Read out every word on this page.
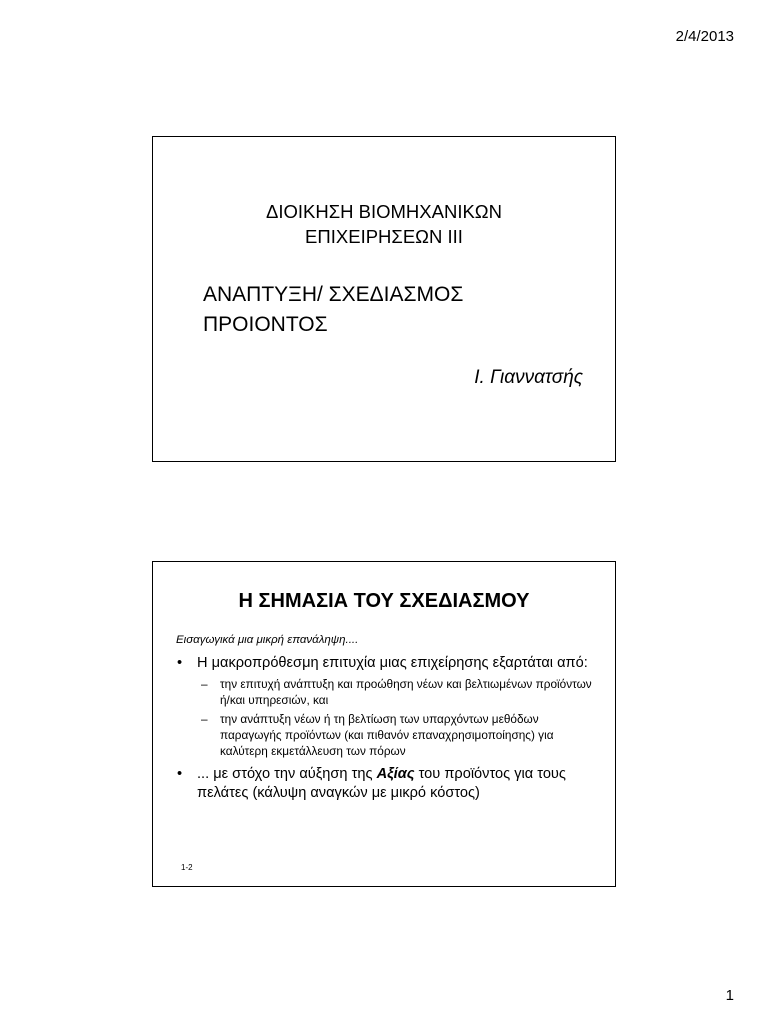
2/4/2013
ΔΙΟΙΚΗΣΗ ΒΙΟΜΗΧΑΝΙΚΩΝ
ΕΠΙΧΕΙΡΗΣΕΩΝ ΙΙΙ
ΑΝΑΠΤΥΞΗ/ ΣΧΕΔΙΑΣΜΟΣ
ΠΡΟΙΟΝΤΟΣ
Ι. Γιαννατσής
Η ΣΗΜΑΣΙΑ ΤΟΥ ΣΧΕΔΙΑΣΜΟΥ
Εισαγωγικά μια μικρή επανάληψη....
• Η μακροπρόθεσμη επιτυχία μιας επιχείρησης εξαρτάται από:
– την επιτυχή ανάπτυξη και προώθηση νέων και βελτιωμένων προϊόντων ή/και υπηρεσιών, και
– την ανάπτυξη νέων ή τη βελτίωση των υπαρχόντων μεθόδων παραγωγής προϊόντων (και πιθανόν επαναχρησιμοποίησης) για καλύτερη εκμετάλλευση των πόρων
• ... με στόχο την αύξηση της Αξίας του προϊόντος για τους πελάτες (κάλυψη αναγκών με μικρό κόστος)
1-2
1
